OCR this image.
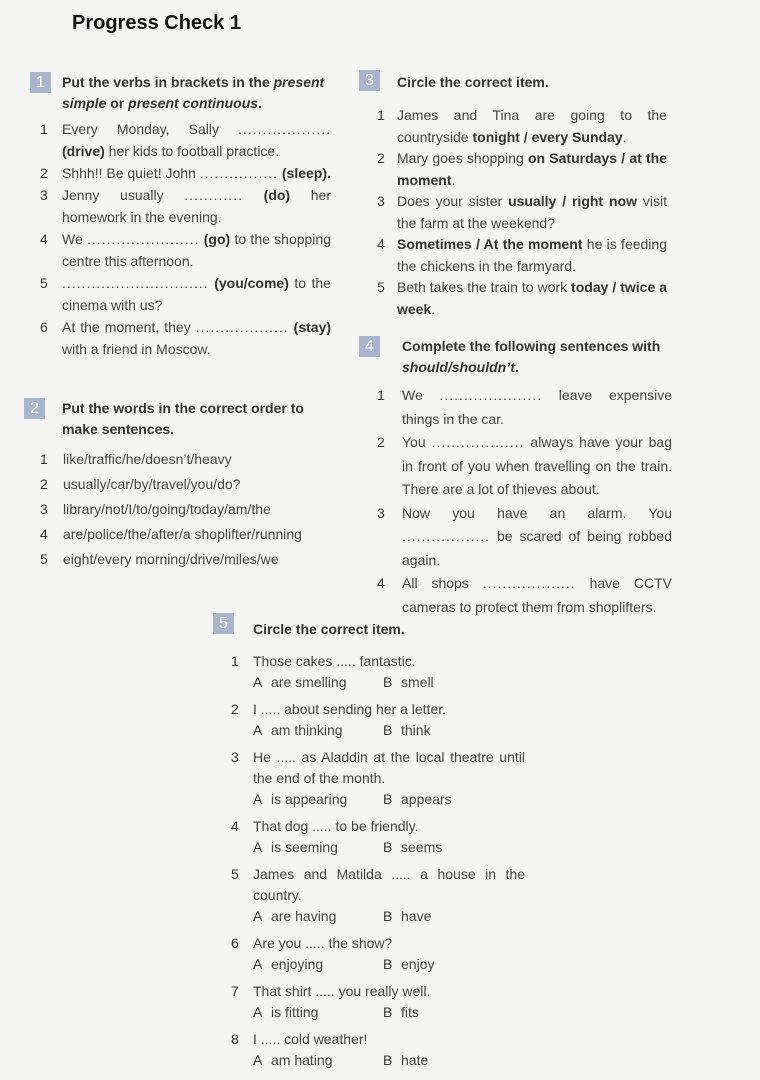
Progress Check 1
1	Put the verbs in brackets in the present simple or present continuous.
1 Every Monday, Sally ................... (drive) her kids to football practice.
2 Shhh!! Be quiet! John ................ (sleep).
3 Jenny usually ............ (do) her homework in the evening.
4 We ....................... (go) to the shopping centre this afternoon.
5 .............................. (you/come) to the cinema with us?
6 At the moment, they ................... (stay) with a friend in Moscow.
2	Put the words in the correct order to make sentences.
1 like/traffic/he/doesn’t/heavy
2 usually/car/by/travel/you/do?
3 library/not/I/to/going/today/am/the
4 are/police/the/after/a shoplifter/running
5 eight/every morning/drive/miles/we
3	Circle the correct item.
1 James and Tina are going to the countryside tonight / every Sunday.
2 Mary goes shopping on Saturdays / at the moment.
3 Does your sister usually / right now visit the farm at the weekend?
4 Sometimes / At the moment he is feeding the chickens in the farmyard.
5 Beth takes the train to work today / twice a week.
4	Complete the following sentences with should/shouldn’t.
1 We ..................... leave expensive things in the car.
2 You ................... always have your bag in front of you when travelling on the train. There are a lot of thieves about.
3 Now you have an alarm. You .................. be scared of being robbed again.
4 All shops ................... have CCTV cameras to protect them from shoplifters.
5	Circle the correct item.
1 Those cakes ..... fantastic.
A are smelling	B smell
2 I ..... about sending her a letter.
A am thinking	B think
3 He ..... as Aladdin at the local theatre until the end of the month.
A is appearing	B appears
4 That dog ..... to be friendly.
A is seeming	B seems
5 James and Matilda ..... a house in the country.
A are having	B have
6 Are you ..... the show?
A enjoying	B enjoy
7 That shirt ..... you really well.
A is fitting	B fits
8 I ..... cold weather!
A am hating	B hate
